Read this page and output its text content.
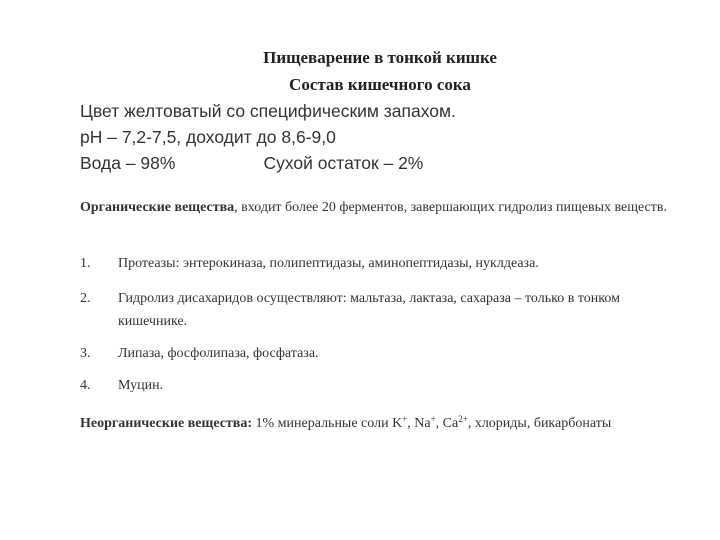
Пищеварение в тонкой кишке
Состав кишечного сока
Цвет желтоватый со специфическим запахом.
pH – 7,2-7,5, доходит до 8,6-9,0
Вода – 98%	Сухой остаток – 2%
Органические вещества, входит более 20 ферментов, завершающих гидролиз пищевых веществ.
1. Протеазы: энтерокиназа, полипептидазы, аминопептидазы, нуклдеаза.
2. Гидролиз дисахаридов осуществляют: мальтаза, лактаза, сахараза – только в тонком кишечнике.
3. Липаза, фосфолипаза, фосфатаза.
4. Муцин.
Неорганические вещества: 1% минеральные соли K+, Na+, $Ca^{2+}$, хлориды, бикарбонаты
